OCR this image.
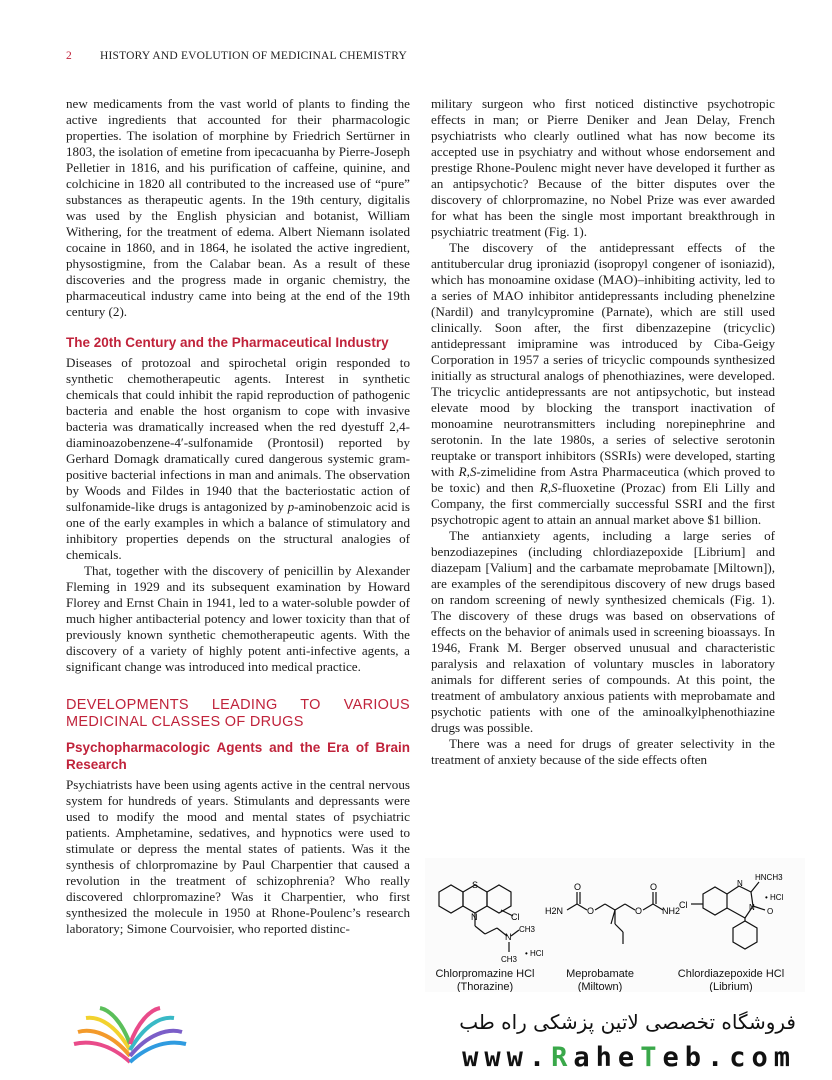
2 HISTORY AND EVOLUTION OF MEDICINAL CHEMISTRY

new medicaments from the vast world of plants to finding the active ingredients that accounted for their pharmacologic properties. The isolation of morphine by Friedrich Sertürner in 1803, the isolation of emetine from ipecacuanha by Pierre-Joseph Pelletier in 1816, and his purification of caffeine, quinine, and colchicine in 1820 all contributed to the increased use of “pure” substances as therapeutic agents. In the 19th century, digitalis was used by the English physician and botanist, William Withering, for the treatment of edema. Albert Niemann isolated cocaine in 1860, and in 1864, he isolated the active ingredient, physostigmine, from the Calabar bean. As a result of these discoveries and the progress made in organic chemistry, the pharmaceutical industry came into being at the end of the 19th century (2).

The 20th Century and the Pharmaceutical Industry

Diseases of protozoal and spirochetal origin responded to synthetic chemotherapeutic agents. Interest in synthetic chemicals that could inhibit the rapid reproduction of pathogenic bacteria and enable the host organism to cope with invasive bacteria was dramatically increased when the red dyestuff 2,4-diaminoazobenzene-4′-sulfonamide (Prontosil) reported by Gerhard Domagk dramatically cured dangerous systemic gram-positive bacterial infections in man and animals. The observation by Woods and Fildes in 1940 that the bacteriostatic action of sulfonamide-like drugs is antagonized by p-aminobenzoic acid is one of the early examples in which a balance of stimulatory and inhibitory properties depends on the structural analogies of chemicals.

That, together with the discovery of penicillin by Alexander Fleming in 1929 and its subsequent examination by Howard Florey and Ernst Chain in 1941, led to a water-soluble powder of much higher antibacterial potency and lower toxicity than that of previously known synthetic chemotherapeutic agents. With the discovery of a variety of highly potent anti-infective agents, a significant change was introduced into medical practice.

DEVELOPMENTS LEADING TO VARIOUS MEDICINAL CLASSES OF DRUGS
Psychopharmacologic Agents and the Era of Brain Research

Psychiatrists have been using agents active in the central nervous system for hundreds of years. Stimulants and depressants were used to modify the mood and mental states of psychiatric patients. Amphetamine, sedatives, and hypnotics were used to stimulate or depress the mental states of patients. Was it the synthesis of chlorpromazine by Paul Charpentier that caused a revolution in the treatment of schizophrenia? Who really discovered chlorpromazine? Was it Charpentier, who first synthesized the molecule in 1950 at Rhone-Poulenc’s research laboratory; Simone Courvoisier, who reported distinc-

military surgeon who first noticed distinctive psychotropic effects in man; or Pierre Deniker and Jean Delay, French psychiatrists who clearly outlined what has now become its accepted use in psychiatry and without whose endorsement and prestige Rhone-Poulenc might never have developed it further as an antipsychotic? Because of the bitter disputes over the discovery of chlorpromazine, no Nobel Prize was ever awarded for what has been the single most important breakthrough in psychiatric treatment (Fig. 1).

The discovery of the antidepressant effects of the antitubercular drug iproniazid (isopropyl congener of isoniazid), which has monoamine oxidase (MAO)–inhibiting activity, led to a series of MAO inhibitor antidepressants including phenelzine (Nardil) and tranylcypromine (Parnate), which are still used clinically. Soon after, the first dibenzazepine (tricyclic) antidepressant imipramine was introduced by Ciba-Geigy Corporation in 1957 a series of tricyclic compounds synthesized initially as structural analogs of phenothiazines, were developed. The tricyclic antidepressants are not antipsychotic, but instead elevate mood by blocking the transport inactivation of monoamine neurotransmitters including norepinephrine and serotonin. In the late 1980s, a series of selective serotonin reuptake or transport inhibitors (SSRIs) were developed, starting with R,S-zimelidine from Astra Pharmaceutica (which proved to be toxic) and then R,S-fluoxetine (Prozac) from Eli Lilly and Company, the first commercially successful SSRI and the first psychotropic agent to attain an annual market above $1 billion.

The antianxiety agents, including a large series of benzodiazepines (including chlordiazepoxide [Librium] and diazepam [Valium] and the carbamate meprobamate [Miltown]), are examples of the serendipitous discovery of new drugs based on random screening of newly synthesized chemicals (Fig. 1). The discovery of these drugs was based on observations of effects on the behavior of animals used in screening bioassays. In 1946, Frank M. Berger observed unusual and characteristic paralysis and relaxation of voluntary muscles in laboratory animals for different series of compounds. At this point, the treatment of ambulatory anxious patients with meprobamate and psychotic patients with one of the aminoalkylphenothiazine drugs was possible.

There was a need for drugs of greater selectivity in the treatment of anxiety because of the side effects often

S
N	Cl
N
CH3
CH3
• HCl
H2N
O
O	O
O
NH2
HNCH3
N
• HCl
N O
Cl
Chlorpromazine HCl
(Thorazine)
Meprobamate
(Miltown)
Chlordiazepoxide HCl
(Librium)
فروشگاه تخصصی لاتین پزشکی راه طب
www.RaheTeb.com
